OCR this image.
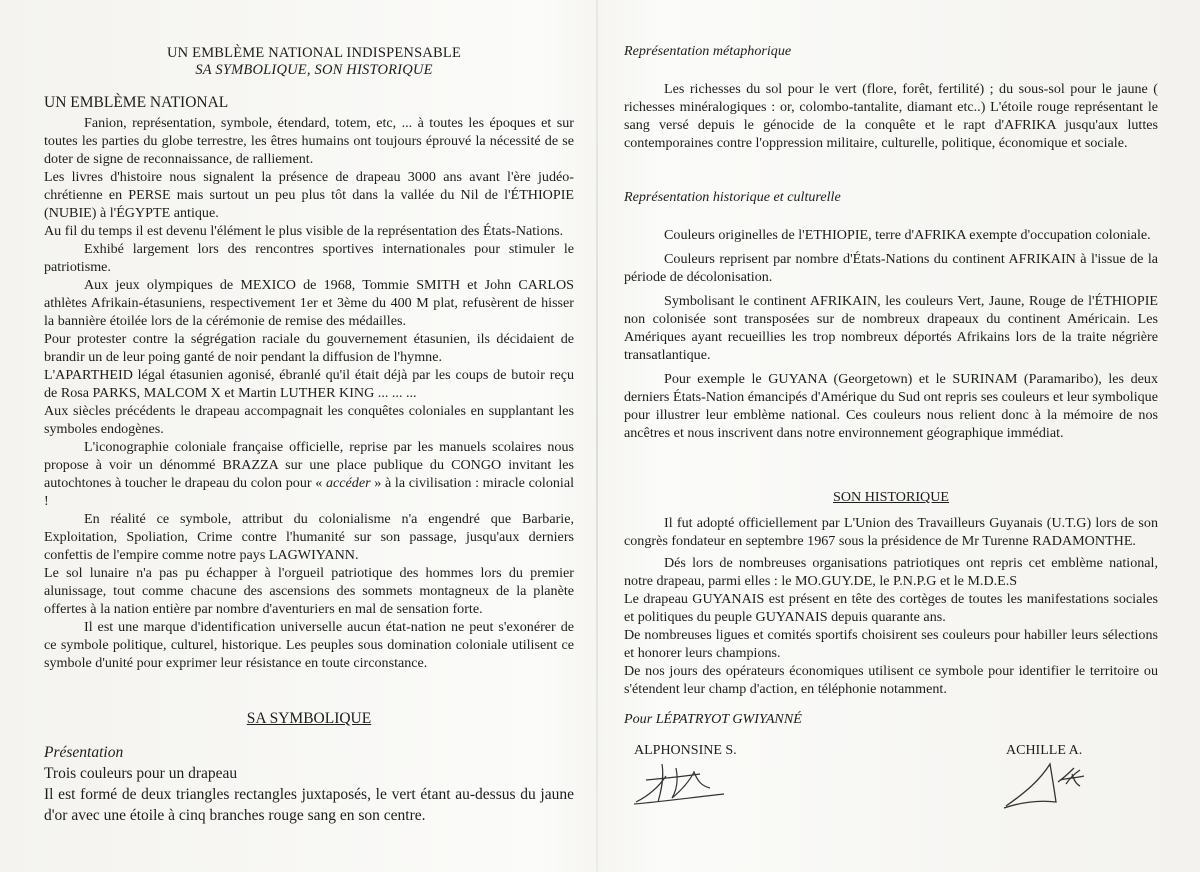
UN EMBLÈME NATIONAL INDISPENSABLE

SA SYMBOLIQUE, SON HISTORIQUE

UN EMBLÈME NATIONAL

Fanion, représentation, symbole, étendard, totem, etc, ... à toutes les époques et sur toutes les parties du globe terrestre, les êtres humains ont toujours éprouvé la nécessité de se doter de signe de reconnaissance, de ralliement.

Les livres d'histoire nous signalent la présence de drapeau 3000 ans avant l'ère judéo-chrétienne en PERSE mais surtout un peu plus tôt dans la vallée du Nil de l'ÉTHIOPIE (NUBIE) à l'ÉGYPTE antique.

Au fil du temps il est devenu l'élément le plus visible de la représentation des États-Nations.

Exhibé largement lors des rencontres sportives internationales pour stimuler le patriotisme.

Aux jeux olympiques de MEXICO de 1968, Tommie SMITH et John CARLOS athlètes Afrikain-étasuniens, respectivement 1er et 3ème du 400 M plat, refusèrent de hisser la bannière étoilée lors de la cérémonie de remise des médailles.

Pour protester contre la ségrégation raciale du gouvernement étasunien, ils décidaient de brandir un de leur poing ganté de noir pendant la diffusion de l'hymne.

L'APARTHEID légal étasunien agonisé, ébranlé qu'il était déjà par les coups de butoir reçu de Rosa PARKS, MALCOM X et Martin LUTHER KING ... ... ...

Aux siècles précédents le drapeau accompagnait les conquêtes coloniales en supplantant les symboles endogènes.

L'iconographie coloniale française officielle, reprise par les manuels scolaires nous propose à voir un dénommé BRAZZA sur une place publique du CONGO invitant les autochtones à toucher le drapeau du colon pour « accéder » à la civilisation : miracle colonial !

En réalité ce symbole, attribut du colonialisme n'a engendré que Barbarie, Exploitation, Spoliation, Crime contre l'humanité sur son passage, jusqu'aux derniers confettis de l'empire comme notre pays LAGWIYANN.

Le sol lunaire n'a pas pu échapper à l'orgueil patriotique des hommes lors du premier alunissage, tout comme chacune des ascensions des sommets montagneux de la planète offertes à la nation entière par nombre d'aventuriers en mal de sensation forte.

Il est une marque d'identification universelle aucun état-nation ne peut s'exonérer de ce symbole politique, culturel, historique. Les peuples sous domination coloniale utilisent ce symbole d'unité pour exprimer leur résistance en toute circonstance.

SA SYMBOLIQUE

Présentation

Trois couleurs pour un drapeau

Il est formé de deux triangles rectangles juxtaposés, le vert étant au-dessus du jaune d'or avec une étoile à cinq branches rouge sang en son centre.

Représentation métaphorique

Les richesses du sol pour le vert (flore, forêt, fertilité) ; du sous-sol pour le jaune ( richesses minéralogiques : or, colombo-tantalite, diamant etc..) L'étoile rouge représentant le sang versé depuis le génocide de la conquête et le rapt d'AFRIKA jusqu'aux luttes contemporaines contre l'oppression militaire, culturelle, politique, économique et sociale.

Représentation historique et culturelle

Couleurs originelles de l'ETHIOPIE, terre d'AFRIKA exempte d'occupation coloniale.

Couleurs reprisent par nombre d'États-Nations du continent AFRIKAIN à l'issue de la période de décolonisation.

Symbolisant le continent AFRIKAIN, les couleurs Vert, Jaune, Rouge de l'ÉTHIOPIE non colonisée sont transposées sur de nombreux drapeaux du continent Américain. Les Amériques ayant recueillies les trop nombreux déportés Afrikains lors de la traite négrière transatlantique.

Pour exemple le GUYANA (Georgetown) et le SURINAM (Paramaribo), les deux derniers États-Nation émancipés d'Amérique du Sud ont repris ses couleurs et leur symbolique pour illustrer leur emblème national. Ces couleurs nous relient donc à la mémoire de nos ancêtres et nous inscrivent dans notre environnement géographique immédiat.

SON HISTORIQUE

Il fut adopté officiellement par L'Union des Travailleurs Guyanais (U.T.G) lors de son congrès fondateur en septembre 1967 sous la présidence de Mr Turenne RADAMONTHE.

Dés lors de nombreuses organisations patriotiques ont repris cet emblème national, notre drapeau, parmi elles : le MO.GUY.DE, le P.N.P.G et le M.D.E.S

Le drapeau GUYANAIS est présent en tête des cortèges de toutes les manifestations sociales et politiques du peuple GUYANAIS depuis quarante ans.

De nombreuses ligues et comités sportifs choisirent ses couleurs pour habiller leurs sélections et honorer leurs champions.

De nos jours des opérateurs économiques utilisent ce symbole pour identifier le territoire ou s'étendent leur champ d'action, en téléphonie notamment.

Pour LÉPATRYOT GWIYANNÉ

ALPHONSINE S.	ACHILLE A.
